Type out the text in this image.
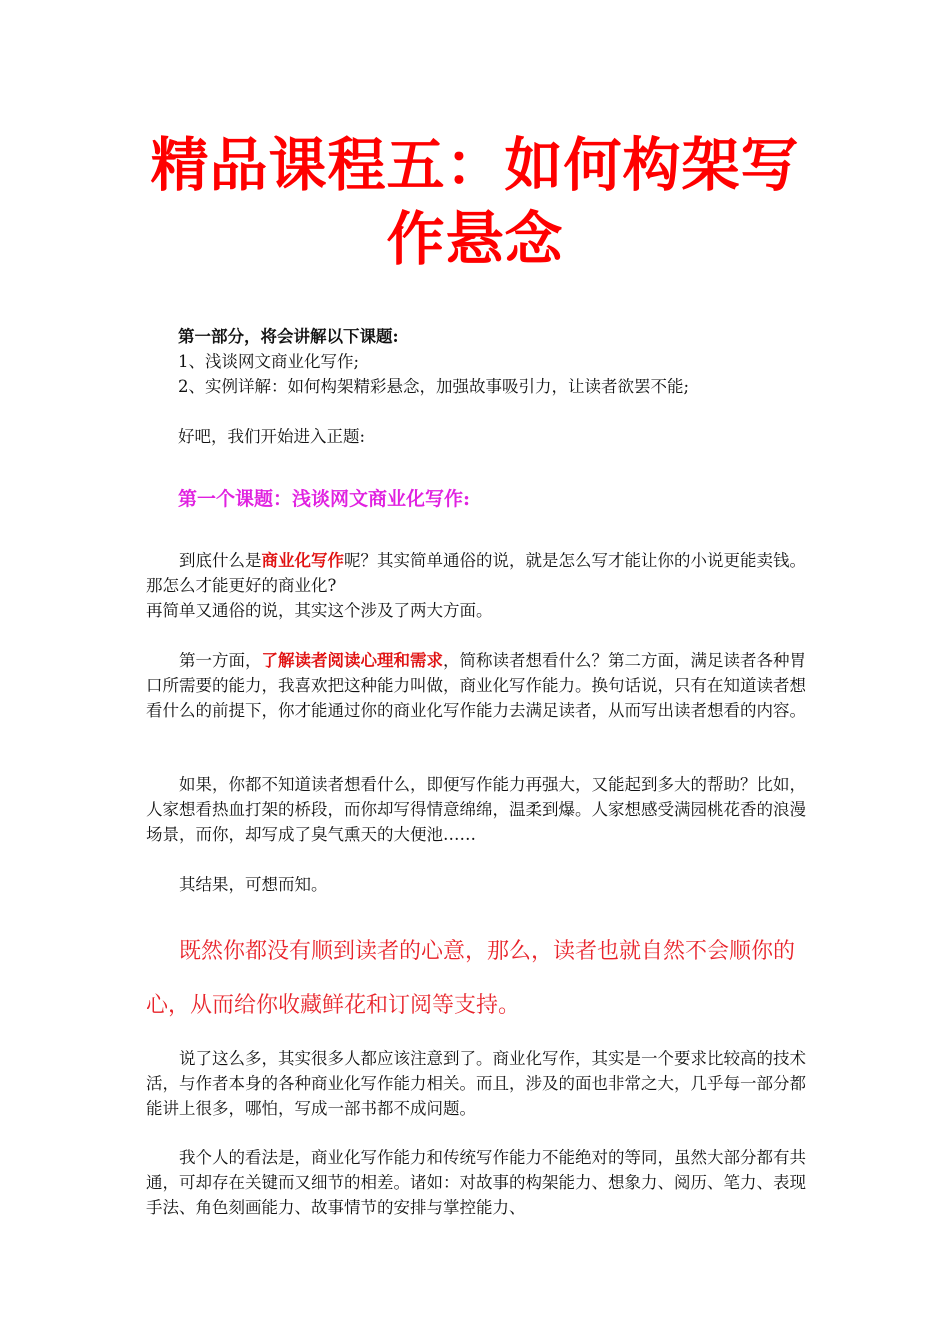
精品课程五：如何构架写
作悬念
第一部分，将会讲解以下课题:
1、浅谈网文商业化写作;
2、实例详解：如何构架精彩悬念，加强故事吸引力，让读者欲罢不能;
好吧，我们开始进入正题:
第一个课题：浅谈网文商业化写作:

到底什么是商业化写作呢？其实简单通俗的说，就是怎么写才能让你的小说更能卖钱。那怎么才能更好的商业化?

再简单又通俗的说，其实这个涉及了两大方面。

第一方面，了解读者阅读心理和需求，简称读者想看什么？第二方面，满足读者各种胃口所需要的能力，我喜欢把这种能力叫做，商业化写作能力。换句话说，只有在知道读者想看什么的前提下，你才能通过你的商业化写作能力去满足读者，从而写出读者想看的内容。

如果，你都不知道读者想看什么，即便写作能力再强大，又能起到多大的帮助？比如，人家想看热血打架的桥段，而你却写得情意绵绵，温柔到爆。人家想感受满园桃花香的浪漫场景，而你，却写成了臭气熏天的大便池……

其结果，可想而知。

既然你都没有顺到读者的心意，那么，读者也就自然不会顺你的心，从而给你收藏鲜花和订阅等支持。

说了这么多，其实很多人都应该注意到了。商业化写作，其实是一个要求比较高的技术活，与作者本身的各种商业化写作能力相关。而且，涉及的面也非常之大，几乎每一部分都能讲上很多，哪怕，写成一部书都不成问题。

我个人的看法是，商业化写作能力和传统写作能力不能绝对的等同，虽然大部分都有共通，可却存在关键而又细节的相差。诸如：对故事的构架能力、想象力、阅历、笔力、表现手法、角色刻画能力、故事情节的安排与掌控能力、
